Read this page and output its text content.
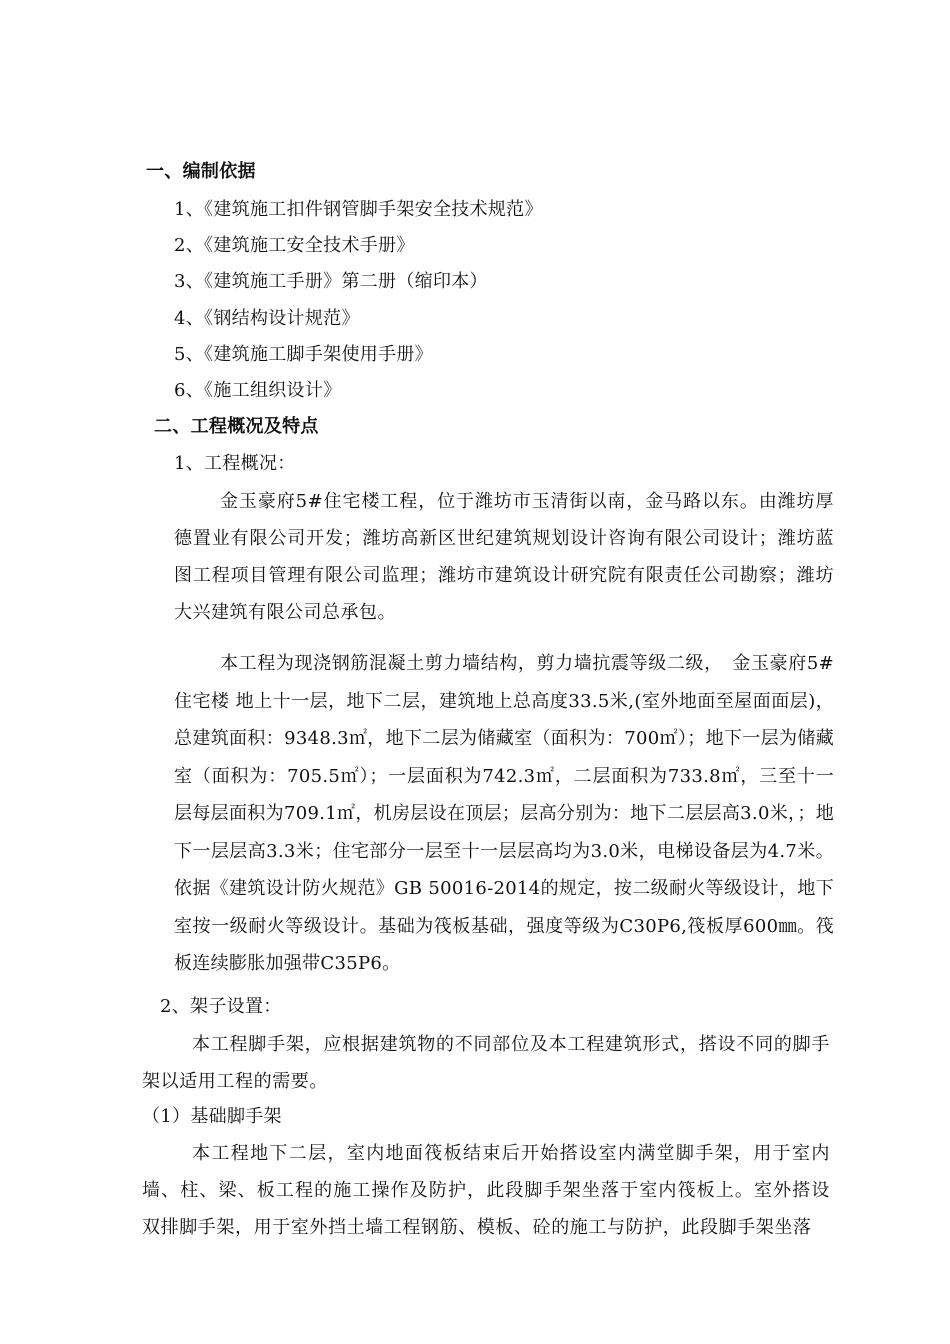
一、编制依据
1、《建筑施工扣件钢管脚手架安全技术规范》
2、《建筑施工安全技术手册》
3、《建筑施工手册》第二册（缩印本）
4、《钢结构设计规范》
5、《建筑施工脚手架使用手册》
6、《施工组织设计》
二、工程概况及特点
1、工程概况：
金玉豪府5#住宅楼工程，位于潍坊市玉清街以南，金马路以东。由潍坊厚德置业有限公司开发；潍坊高新区世纪建筑规划设计咨询有限公司设计；潍坊蓝图工程项目管理有限公司监理；潍坊市建筑设计研究院有限责任公司勘察；潍坊大兴建筑有限公司总承包。
本工程为现浇钢筋混凝土剪力墙结构，剪力墙抗震等级二级，　金玉豪府5#住宅楼 地上十一层，地下二层，建筑地上总高度33.5米,(室外地面至屋面面层)，总建筑面积：9348.3㎡，地下二层为储藏室（面积为：700㎡）；地下一层为储藏室（面积为：705.5㎡）；一层面积为742.3㎡，二层面积为733.8㎡，三至十一层每层面积为709.1㎡，机房层设在顶层；层高分别为：地下二层层高3.0米，；地下一层层高3.3米；住宅部分一层至十一层层高均为3.0米，电梯设备层为4.7米。依据《建筑设计防火规范》GB 50016-2014的规定，按二级耐火等级设计，地下室按一级耐火等级设计。基础为筏板基础，强度等级为C30P6,筏板厚600㎜。筏板连续膨胀加强带C35P6。
2、架子设置：
本工程脚手架，应根据建筑物的不同部位及本工程建筑形式，搭设不同的脚手架以适用工程的需要。
（1）基础脚手架
本工程地下二层，室内地面筏板结束后开始搭设室内满堂脚手架，用于室内墙、柱、梁、板工程的施工操作及防护，此段脚手架坐落于室内筏板上。室外搭设双排脚手架，用于室外挡土墙工程钢筋、模板、砼的施工与防护，此段脚手架坐落
